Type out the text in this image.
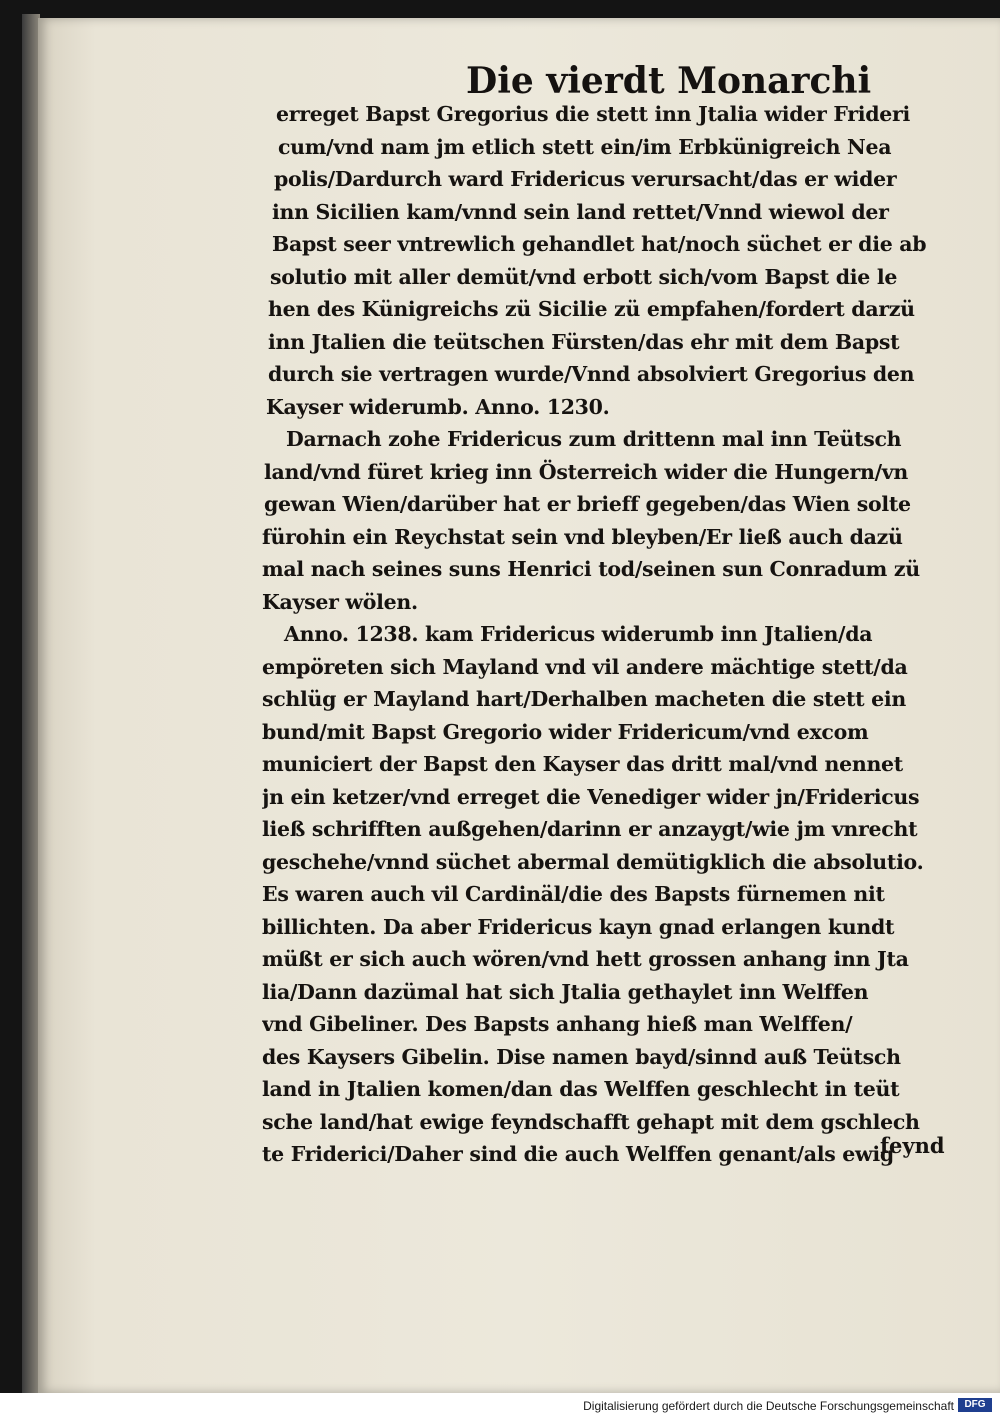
Die vierdt Monarchi
erreget Bapst Gregorius die stett inn Jtalia wider Frideri
cum/vnd nam jm etlich stett ein/im Erbkünigreich Nea
polis/Dardurch ward Fridericus verursacht/das er wider
inn Sicilien kam/vnnd sein land rettet/Vnnd wiewol der
Bapst seer vntrewlich gehandlet hat/noch süchet er die ab
solutio mit aller demüt/vnd erbott sich/vom Bapst die le
hen des Künigreichs zü Sicilie zü empfahen/fordert darzü
inn Jtalien die teütschen Fürsten/das ehr mit dem Bapst
durch sie vertragen wurde/Vnnd absolviert Gregorius den
Kayser widerumb. Anno. 1230.
Darnach zohe Fridericus zum drittenn mal inn Teütsch
land/vnd füret krieg inn Österreich wider die Hungern/vn
gewan Wien/darüber hat er brieff gegeben/das Wien solte
fürohin ein Reychstat sein vnd bleyben/Er ließ auch dazü
mal nach seines suns Henrici tod/seinen sun Conradum zü
Kayser wölen.
Anno. 1238. kam Fridericus widerumb inn Jtalien/da
empöreten sich Mayland vnd vil andere mächtige stett/da
schlüg er Mayland hart/Derhalben macheten die stett ein
bund/mit Bapst Gregorio wider Fridericum/vnd excom
municiert der Bapst den Kayser das dritt mal/vnd nennet
jn ein ketzer/vnd erreget die Venediger wider jn/Fridericus
ließ schrifften außgehen/darinn er anzaygt/wie jm vnrecht
geschehe/vnnd süchet abermal demütigklich die absolutio.
Es waren auch vil Cardinäl/die des Bapsts fürnemen nit
billichten. Da aber Fridericus kayn gnad erlangen kundt
müßt er sich auch wören/vnd hett grossen anhang inn Jta
lia/Dann dazümal hat sich Jtalia gethaylet inn Welffen
vnd Gibeliner. Des Bapsts anhang hieß man Welffen/
des Kaysers Gibelin. Dise namen bayd/sinnd auß Teütsch
land in Jtalien komen/dan das Welffen geschlecht in teüt
sche land/hat ewige feyndschafft gehapt mit dem gschlech
te Friderici/Daher sind die auch Welffen genant/als ewig
feynd
Digitalisierung gefördert durch die Deutsche Forschungsgemeinschaft	DFG
